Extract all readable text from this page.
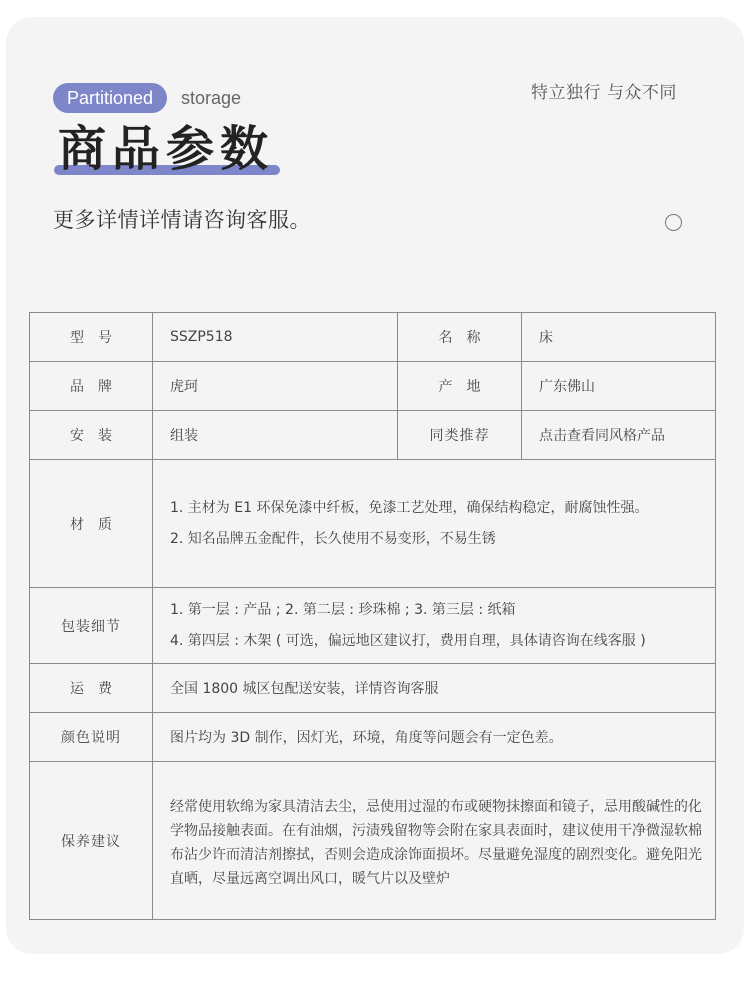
Partitioned	storage	特立独行 与众不同
商品参数
更多详情详情请咨询客服。
型号	SSZP518	名称	床
品牌	虎珂	产地	广东佛山
安装	组装	同类推荐	点击查看同风格产品
材质	1. 主材为 E1 环保免漆中纤板，免漆工艺处理，确保结构稳定，耐腐蚀性强。
2. 知名品牌五金配件，长久使用不易变形，不易生锈		

包装细节	1. 第一层 : 产品 ; 2. 第二层 : 珍珠棉 ; 3. 第三层 : 纸箱
4. 第四层 : 木架 ( 可选，偏远地区建议打，费用自理，具体请咨询在线客服 )		

运费	全国 1800 城区包配送安装，详情咨询客服		
颜色说明	图片均为 3D 制作，因灯光，环境，角度等问题会有一定色差。		
保养建议	经常使用软绵为家具清洁去尘，忌使用过湿的布或硬物抹擦面和镜子，忌用酸碱性的化学物品接触表面。在有油烟，污渍残留物等会附在家具表面时，建议使用干净微湿软棉布沾少许而清洁剂擦拭，否则会造成涂饰面损坏。尽量避免湿度的剧烈变化。避免阳光直晒，尽量远离空调出风口，暖气片以及壁炉		
